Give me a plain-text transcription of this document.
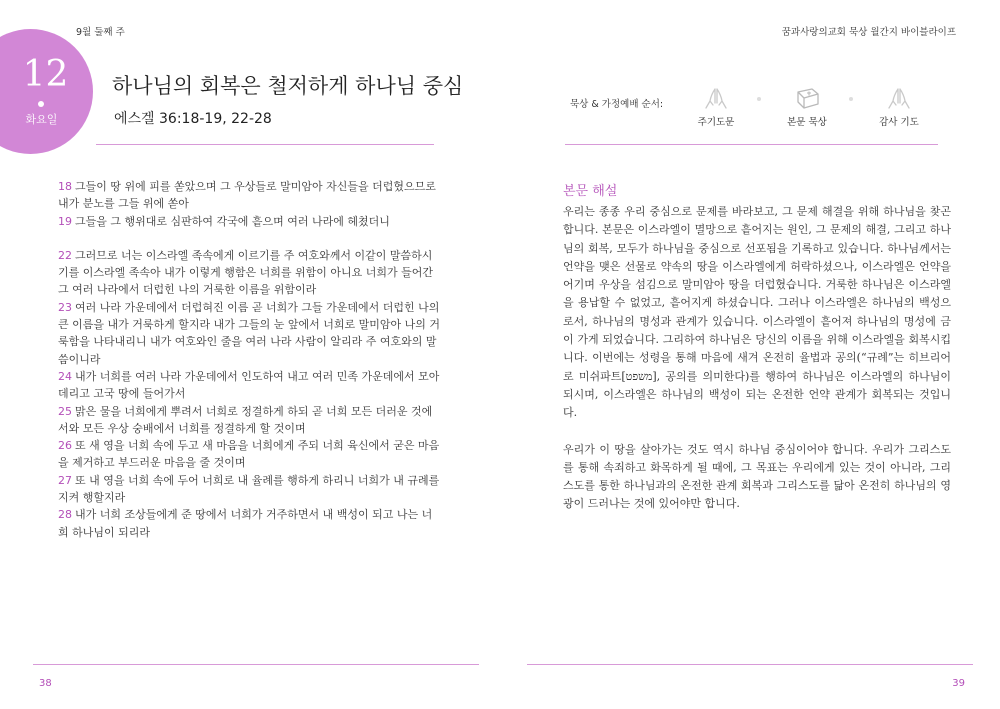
9월 둘째 주	꿈과사랑의교회 묵상 월간지 바이블라이프
12
화요일
하나님의 회복은 철저하게 하나님 중심
에스겔 36:18-19, 22-28

18 그들이 땅 위에 피를 쏟았으며 그 우상들로 말미암아 자신들을 더럽혔으므로 내가 분노를 그들 위에 쏟아

19 그들을 그 행위대로 심판하여 각국에 흩으며 여러 나라에 헤쳤더니

22 그러므로 너는 이스라엘 족속에게 이르기를 주 여호와께서 이같이 말씀하시기를 이스라엘 족속아 내가 이렇게 행함은 너희를 위함이 아니요 너희가 들어간 그 여러 나라에서 더럽힌 나의 거룩한 이름을 위함이라

23 여러 나라 가운데에서 더럽혀진 이름 곧 너희가 그들 가운데에서 더럽힌 나의 큰 이름을 내가 거룩하게 할지라 내가 그들의 눈 앞에서 너희로 말미암아 나의 거룩함을 나타내리니 내가 여호와인 줄을 여러 나라 사람이 알리라 주 여호와의 말씀이니라

24 내가 너희를 여러 나라 가운데에서 인도하여 내고 여러 민족 가운데에서 모아 데리고 고국 땅에 들어가서

25 맑은 물을 너희에게 뿌려서 너희로 정결하게 하되 곧 너희 모든 더러운 것에서와 모든 우상 숭배에서 너희를 정결하게 할 것이며

26 또 새 영을 너희 속에 두고 새 마음을 너희에게 주되 너희 육신에서 굳은 마음을 제거하고 부드러운 마음을 줄 것이며

27 또 내 영을 너희 속에 두어 너희로 내 율례를 행하게 하리니 너희가 내 규례를 지켜 행할지라

28 내가 너희 조상들에게 준 땅에서 너희가 거주하면서 내 백성이 되고 나는 너희 하나님이 되리라

묵상 & 가정예배 순서:
주기도문	본문 묵상	감사 기도
본문 해설

우리는 종종 우리 중심으로 문제를 바라보고, 그 문제 해결을 위해 하나님을 찾곤 합니다. 본문은 이스라엘이 멸망으로 흩어지는 원인, 그 문제의 해결, 그리고 하나님의 회복, 모두가 하나님을 중심으로 선포됨을 기록하고 있습니다. 하나님께서는 언약을 맺은 선물로 약속의 땅을 이스라엘에게 허락하셨으나, 이스라엘은 언약을 어기며 우상을 섬김으로 말미암아 땅을 더럽혔습니다. 거룩한 하나님은 이스라엘을 용납할 수 없었고, 흩어지게 하셨습니다. 그러나 이스라엘은 하나님의 백성으로서, 하나님의 명성과 관계가 있습니다. 이스라엘이 흩어져 하나님의 명성에 금이 가게 되었습니다. 그리하여 하나님은 당신의 이름을 위해 이스라엘을 회복시킵니다. 이번에는 성령을 통해 마음에 새겨 온전히 율법과 공의(“규례”는 히브리어로 미쉬파트[משפט], 공의를 의미한다)를 행하여 하나님은 이스라엘의 하나님이 되시며, 이스라엘은 하나님의 백성이 되는 온전한 언약 관계가 회복되는 것입니다.

우리가 이 땅을 살아가는 것도 역시 하나님 중심이어야 합니다. 우리가 그리스도를 통해 속죄하고 화목하게 될 때에, 그 목표는 우리에게 있는 것이 아니라, 그리스도를 통한 하나님과의 온전한 관계 회복과 그리스도를 닮아 온전히 하나님의 영광이 드러나는 것에 있어야만 합니다.

38	39
